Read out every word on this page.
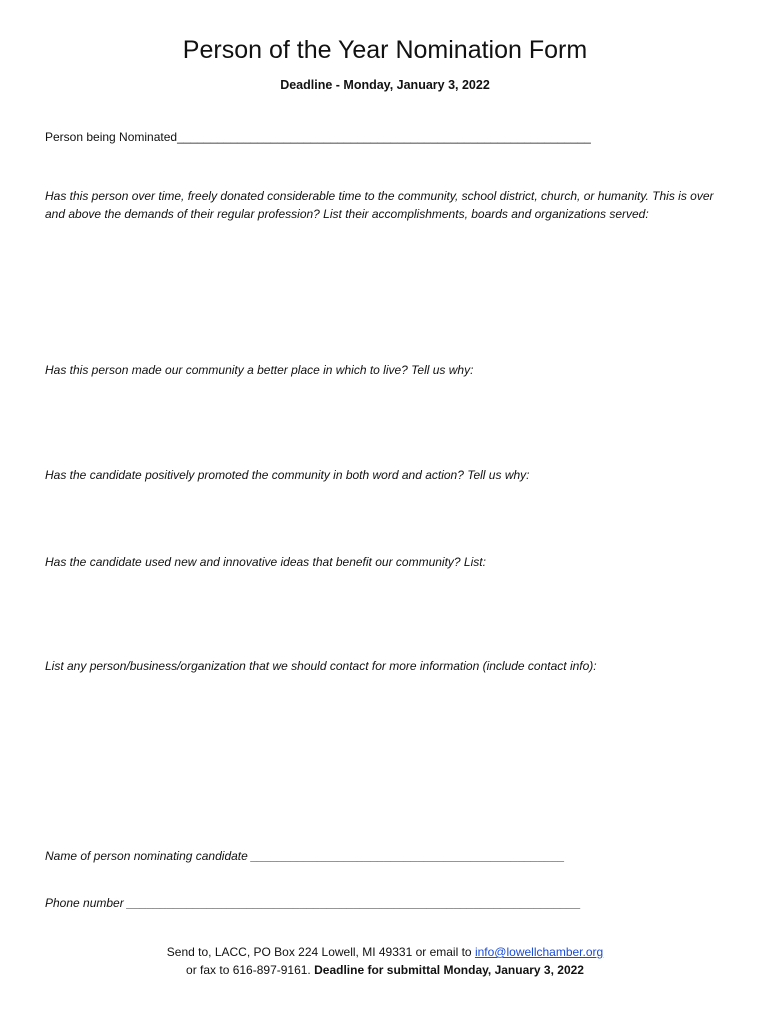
Person of the Year Nomination Form
Deadline - Monday, January 3, 2022
Person being Nominated______________________________________________________________
Has this person over time, freely donated considerable time to the community, school district, church, or humanity. This is over and above the demands of their regular profession? List their accomplishments, boards and organizations served:
Has this person made our community a better place in which to live? Tell us why:
Has the candidate positively promoted the community in both word and action? Tell us why:
Has the candidate used new and innovative ideas that benefit our community? List:
List any person/business/organization that we should contact for more information (include contact info):
Name of person nominating candidate _______________________________________________
Phone number ____________________________________________________________________
Send to, LACC, PO Box 224 Lowell, MI 49331 or email to info@lowellchamber.org
or fax to 616-897-9161. Deadline for submittal Monday, January 3, 2022
